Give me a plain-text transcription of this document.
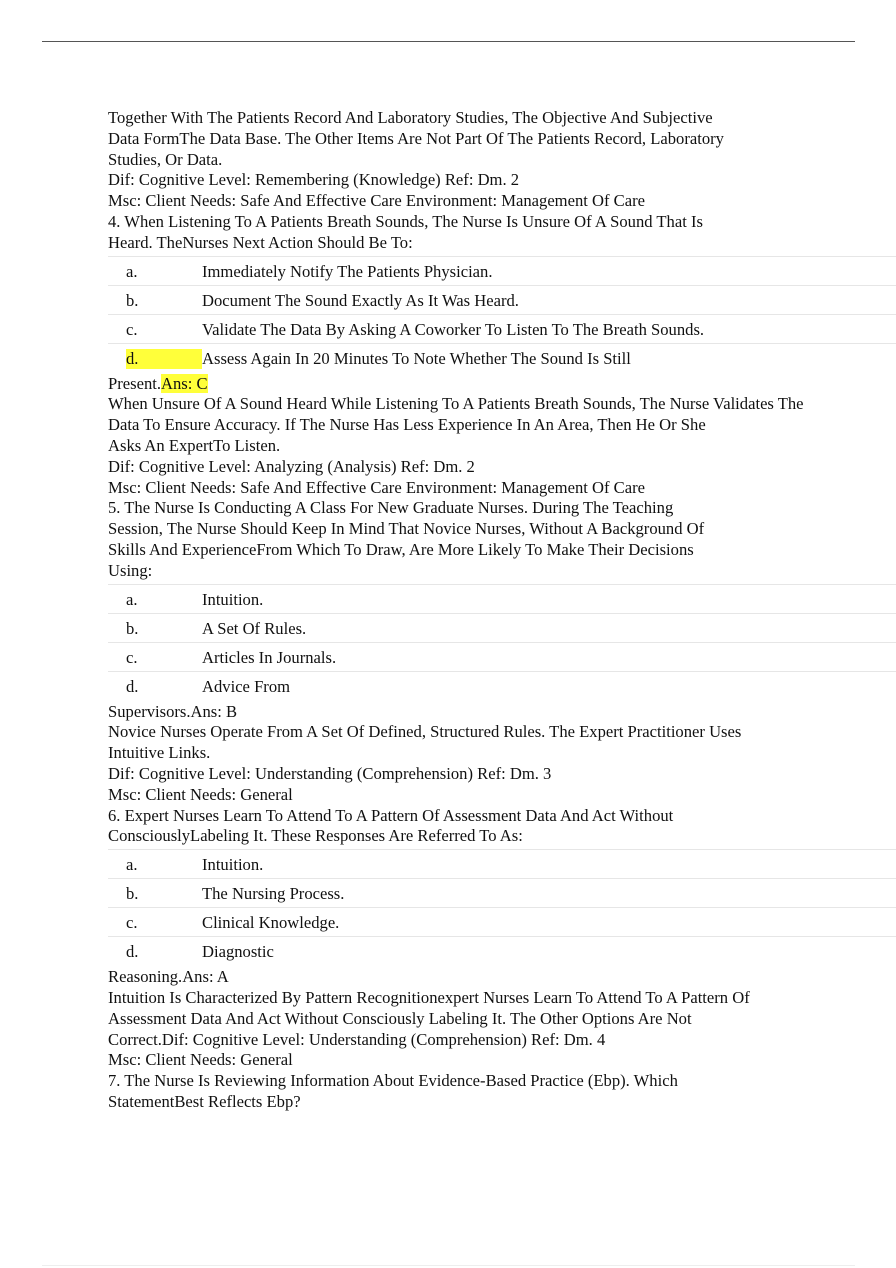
Together With The Patients Record And Laboratory Studies, The Objective And Subjective
Data FormThe Data Base. The Other Items Are Not Part Of The Patients Record, Laboratory
Studies, Or Data.
Dif: Cognitive Level: Remembering (Knowledge) Ref: Dm. 2
Msc: Client Needs: Safe And Effective Care Environment: Management Of Care
4. When Listening To A Patients Breath Sounds, The Nurse Is Unsure Of A Sound That Is
Heard. TheNurses Next Action Should Be To:
a.	Immediately Notify The Patients Physician.
b.	Document The Sound Exactly As It Was Heard.
c.	Validate The Data By Asking A Coworker To Listen To The Breath Sounds.
d.	Assess Again In 20 Minutes To Note Whether The Sound Is Still
Present.Ans: C
When Unsure Of A Sound Heard While Listening To A Patients Breath Sounds, The Nurse Validates The
Data To Ensure Accuracy. If The Nurse Has Less Experience In An Area, Then He Or She
Asks An ExpertTo Listen.
Dif: Cognitive Level: Analyzing (Analysis) Ref: Dm. 2
Msc: Client Needs: Safe And Effective Care Environment: Management Of Care
5. The Nurse Is Conducting A Class For New Graduate Nurses. During The Teaching
Session, The Nurse Should Keep In Mind That Novice Nurses, Without A Background Of
Skills And ExperienceFrom Which To Draw, Are More Likely To Make Their Decisions
Using:
a.	Intuition.
b.	A Set Of Rules.
c.	Articles In Journals.
d.	Advice From
Supervisors.Ans: B
Novice Nurses Operate From A Set Of Defined, Structured Rules. The Expert Practitioner Uses
Intuitive Links.
Dif: Cognitive Level: Understanding (Comprehension) Ref: Dm. 3
Msc: Client Needs: General
6. Expert Nurses Learn To Attend To A Pattern Of Assessment Data And Act Without
ConsciouslyLabeling It. These Responses Are Referred To As:
a.	Intuition.
b.	The Nursing Process.
c.	Clinical Knowledge.
d.	Diagnostic
Reasoning.Ans: A
Intuition Is Characterized By Pattern Recognitionexpert Nurses Learn To Attend To A Pattern Of
Assessment Data And Act Without Consciously Labeling It. The Other Options Are Not
Correct.Dif: Cognitive Level: Understanding (Comprehension) Ref: Dm. 4
Msc: Client Needs: General
7. The Nurse Is Reviewing Information About Evidence-Based Practice (Ebp). Which
StatementBest Reflects Ebp?
